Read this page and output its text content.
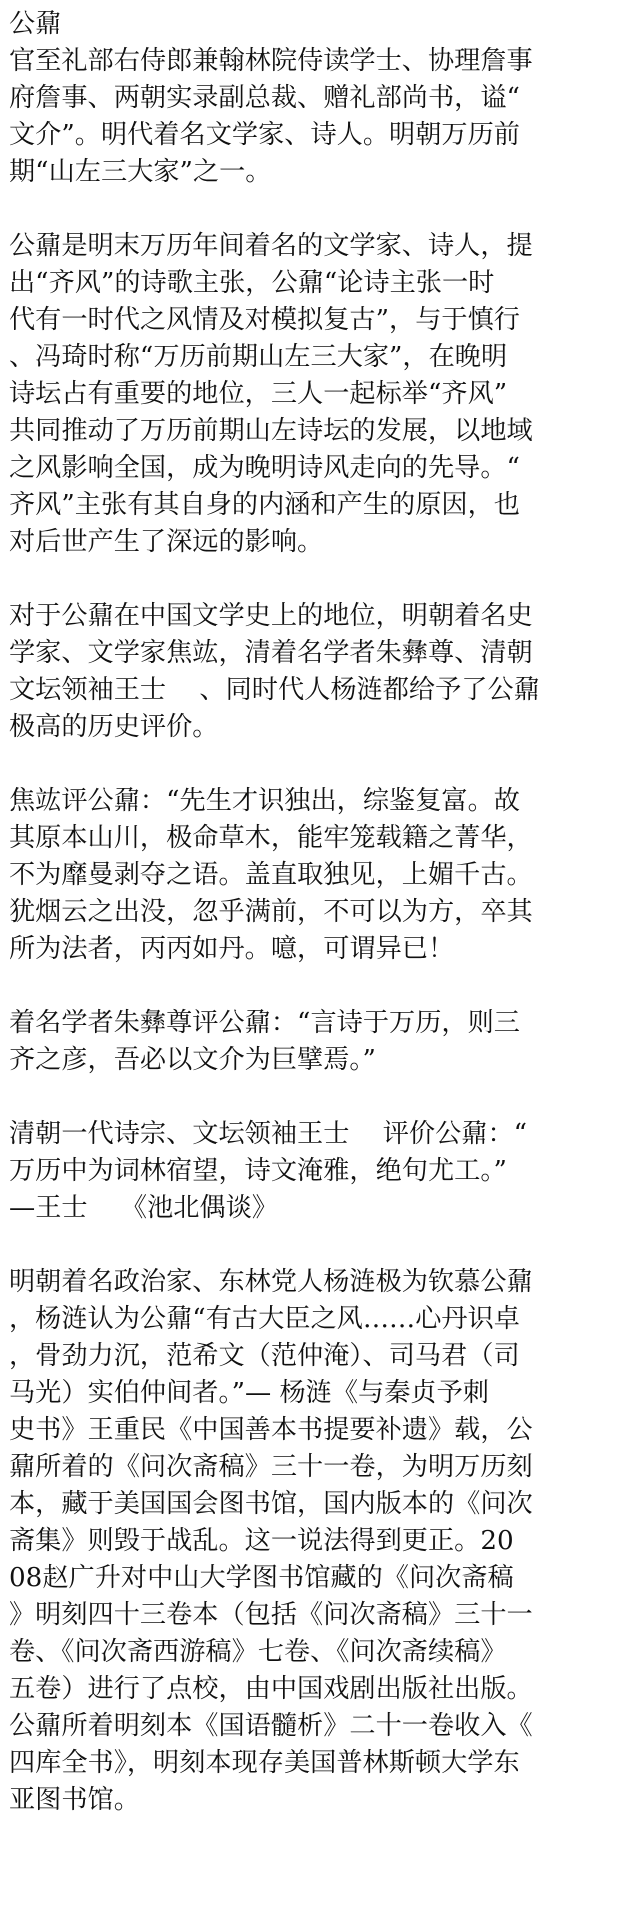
公鼐
官至礼部右侍郎兼翰林院侍读学士、协理詹事
府詹事、两朝实录副总裁、赠礼部尚书，谥“
文介”。明代着名文学家、诗人。明朝万历前
期“山左三大家”之一。
公鼐是明末万历年间着名的文学家、诗人，提
出“齐风”的诗歌主张，公鼐“论诗主张一时
代有一时代之风情及对模拟复古”，与于慎行
、冯琦时称“万历前期山左三大家”，在晚明
诗坛占有重要的地位，三人一起标举“齐风”
共同推动了万历前期山左诗坛的发展，以地域
之风影响全国，成为晚明诗风走向的先导。“
齐风”主张有其自身的内涵和产生的原因，也
对后世产生了深远的影响。
对于公鼐在中国文学史上的地位，明朝着名史
学家、文学家焦竑，清着名学者朱彝尊、清朝
文坛领袖王士    、同时代人杨涟都给予了公鼐
极高的历史评价。
焦竑评公鼐：“先生才识独出，综鉴复富。故
其原本山川，极命草木，能牢笼载籍之菁华，
不为靡曼剥夺之语。盖直取独见，上媚千古。
犹烟云之出没，忽乎满前，不可以为方，卒其
所为法者，丙丙如丹。噫，可谓异已！
着名学者朱彝尊评公鼐：“言诗于万历，则三
齐之彦，吾必以文介为巨擘焉。”
清朝一代诗宗、文坛领袖王士    评价公鼐：“
万历中为词林宿望，诗文淹雅，绝句尤工。”
—王士    《池北偶谈》
明朝着名政治家、东林党人杨涟极为钦慕公鼐
，杨涟认为公鼐“有古大臣之风……心丹识卓
，骨劲力沉，范希文（范仲淹）、司马君（司
马光）实伯仲间者。”— 杨涟《与秦贞予刺
史书》王重民《中国善本书提要补遗》载，公
鼐所着的《问次斋稿》三十一卷，为明万历刻
本，藏于美国国会图书馆，国内版本的《问次
斋集》则毁于战乱。这一说法得到更正。20
08赵广升对中山大学图书馆藏的《问次斋稿
》明刻四十三卷本（包括《问次斋稿》三十一
卷、《问次斋西游稿》七卷、《问次斋续稿》
五卷）进行了点校，由中国戏剧出版社出版。
公鼐所着明刻本《国语髓析》二十一卷收入《
四库全书》，明刻本现存美国普林斯顿大学东
亚图书馆。
